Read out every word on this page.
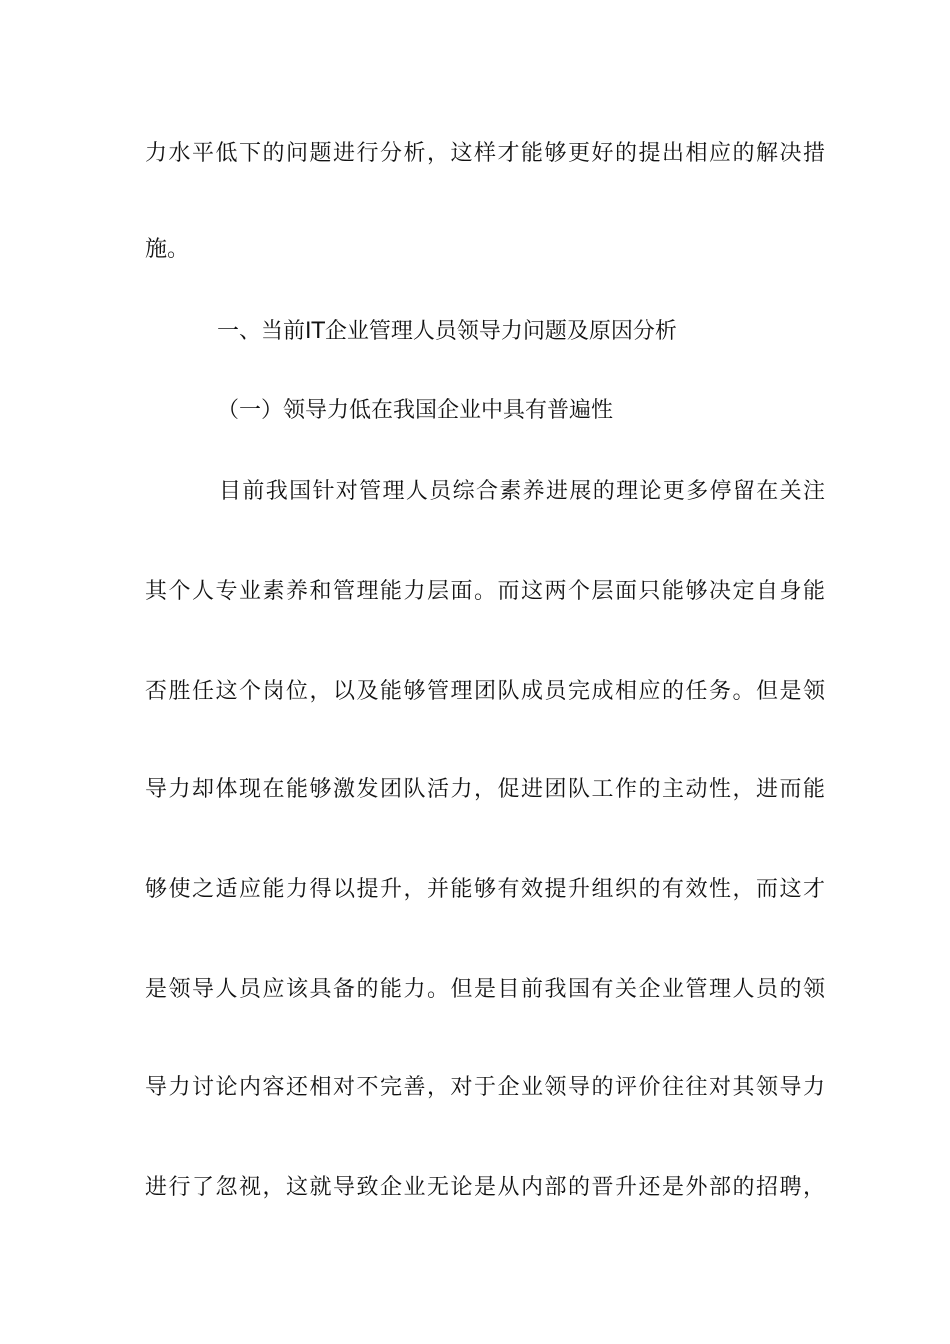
力水平低下的问题进行分析，这样才能够更好的提出相应的解决措
施。
一、当前IT企业管理人员领导力问题及原因分析
（一）领导力低在我国企业中具有普遍性
目前我国针对管理人员综合素养进展的理论更多停留在关注
其个人专业素养和管理能力层面。而这两个层面只能够决定自身能
否胜任这个岗位，以及能够管理团队成员完成相应的任务。但是领
导力却体现在能够激发团队活力，促进团队工作的主动性，进而能
够使之适应能力得以提升，并能够有效提升组织的有效性，而这才
是领导人员应该具备的能力。但是目前我国有关企业管理人员的领
导力讨论内容还相对不完善，对于企业领导的评价往往对其领导力
进行了忽视，这就导致企业无论是从内部的晋升还是外部的招聘，
